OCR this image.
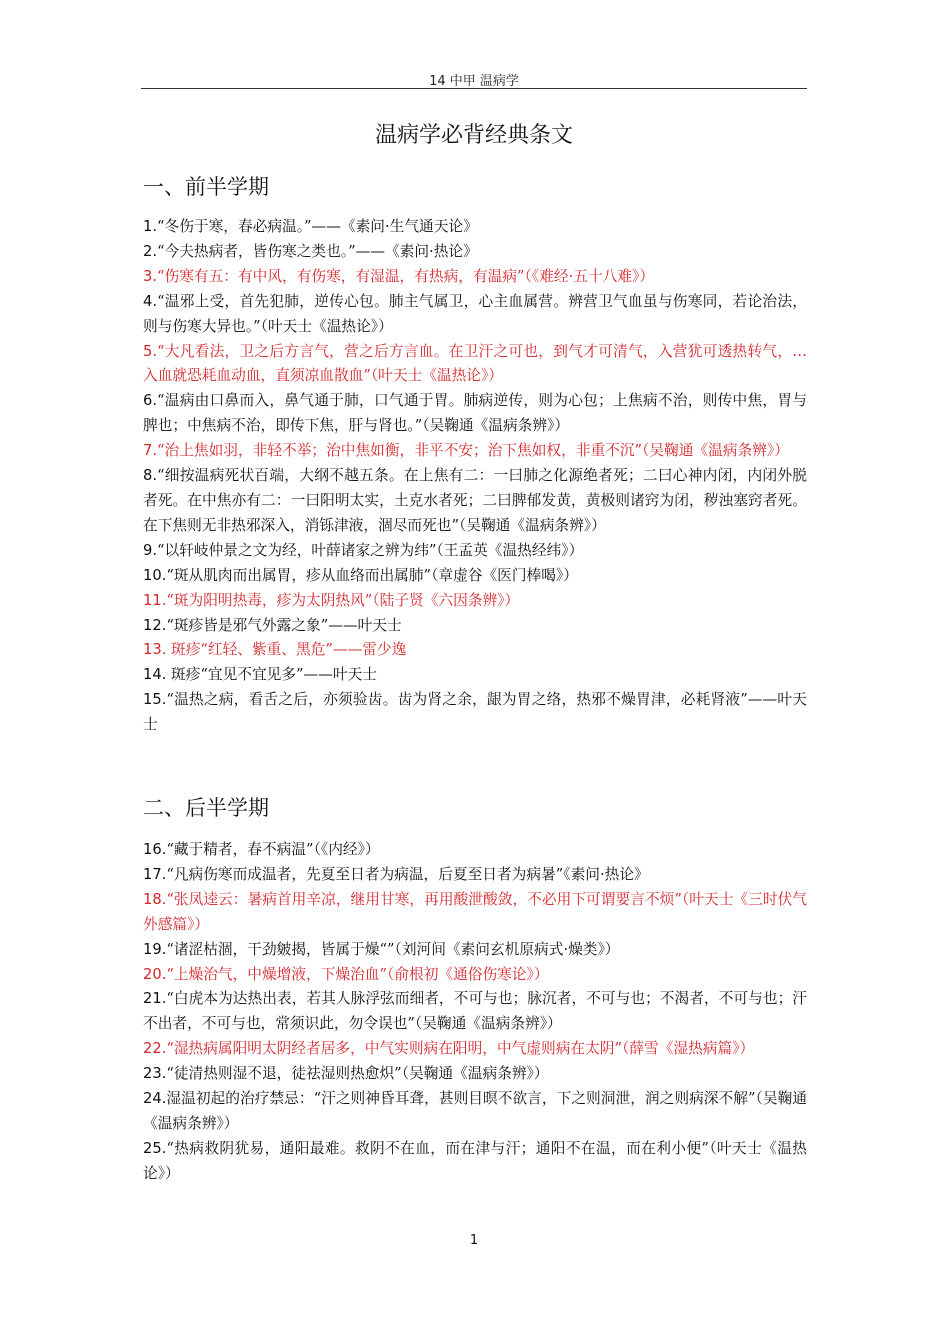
14 中甲 温病学
温病学必背经典条文
一、前半学期

1.“冬伤于寒，春必病温。”——《素问·生气通天论》

2.“今夫热病者，皆伤寒之类也。”——《素问·热论》

3.“伤寒有五：有中风，有伤寒，有湿温，有热病，有温病”（《难经·五十八难》）

4.“温邪上受，首先犯肺，逆传心包。肺主气属卫，心主血属营。辨营卫气血虽与伤寒同，若论治法，则与伤寒大异也。”（叶天士《温热论》）

5.“大凡看法，卫之后方言气，营之后方言血。在卫汗之可也，到气才可清气，入营犹可透热转气，…入血就恐耗血动血，直须凉血散血”（叶天士《温热论》）

6.“温病由口鼻而入，鼻气通于肺，口气通于胃。肺病逆传，则为心包；上焦病不治，则传中焦，胃与脾也；中焦病不治，即传下焦，肝与肾也。”（吴鞠通《温病条辨》）

7.“治上焦如羽，非轻不举；治中焦如衡，非平不安；治下焦如权，非重不沉”（吴鞠通《温病条辨》）

8.“细按温病死状百端，大纲不越五条。在上焦有二：一曰肺之化源绝者死；二曰心神内闭，内闭外脱者死。在中焦亦有二：一曰阳明太实，土克水者死；二曰脾郁发黄，黄极则诸窍为闭，秽浊塞窍者死。在下焦则无非热邪深入，消铄津液，涸尽而死也”（吴鞠通《温病条辨》）

9.“以轩岐仲景之文为经，叶薛诸家之辨为纬”（王孟英《温热经纬》）

10.“斑从肌肉而出属胃，疹从血络而出属肺”（章虚谷《医门棒喝》）

11.“斑为阳明热毒，疹为太阴热风”（陆子贤《六因条辨》）

12.“斑疹皆是邪气外露之象”——叶天士

13. 斑疹“红轻、紫重、黑危”——雷少逸

14. 斑疹“宜见不宜见多”——叶天士

15.“温热之病，看舌之后，亦须验齿。齿为肾之余，龈为胃之络，热邪不燥胃津，必耗肾液”——叶天士

二、后半学期

16.“藏于精者，春不病温”（《内经》）

17.“凡病伤寒而成温者，先夏至日者为病温，后夏至日者为病暑”《素问·热论》

18.“张凤逵云：暑病首用辛凉，继用甘寒，再用酸泄酸敛，不必用下可谓要言不烦”（叶天士《三时伏气外感篇》）

19.“诸涩枯涸，干劲皴揭，皆属于燥“”（刘河间《素问玄机原病式·燥类》）

20.“上燥治气，中燥增液，下燥治血”（俞根初《通俗伤寒论》）

21.“白虎本为达热出表，若其人脉浮弦而细者，不可与也；脉沉者，不可与也；不渴者，不可与也；汗不出者，不可与也，常须识此，勿令误也”（吴鞠通《温病条辨》）

22.“湿热病属阳明太阴经者居多，中气实则病在阳明，中气虚则病在太阴”（薛雪《湿热病篇》）

23.“徒清热则湿不退，徒祛湿则热愈炽”（吴鞠通《温病条辨》）

24.湿温初起的治疗禁忌：“汗之则神昏耳聋，甚则目暝不欲言，下之则洞泄，润之则病深不解”（吴鞠通《温病条辨》）

25.“热病救阴犹易，通阳最难。救阴不在血，而在津与汗；通阳不在温，而在利小便”（叶天士《温热论》）

1
